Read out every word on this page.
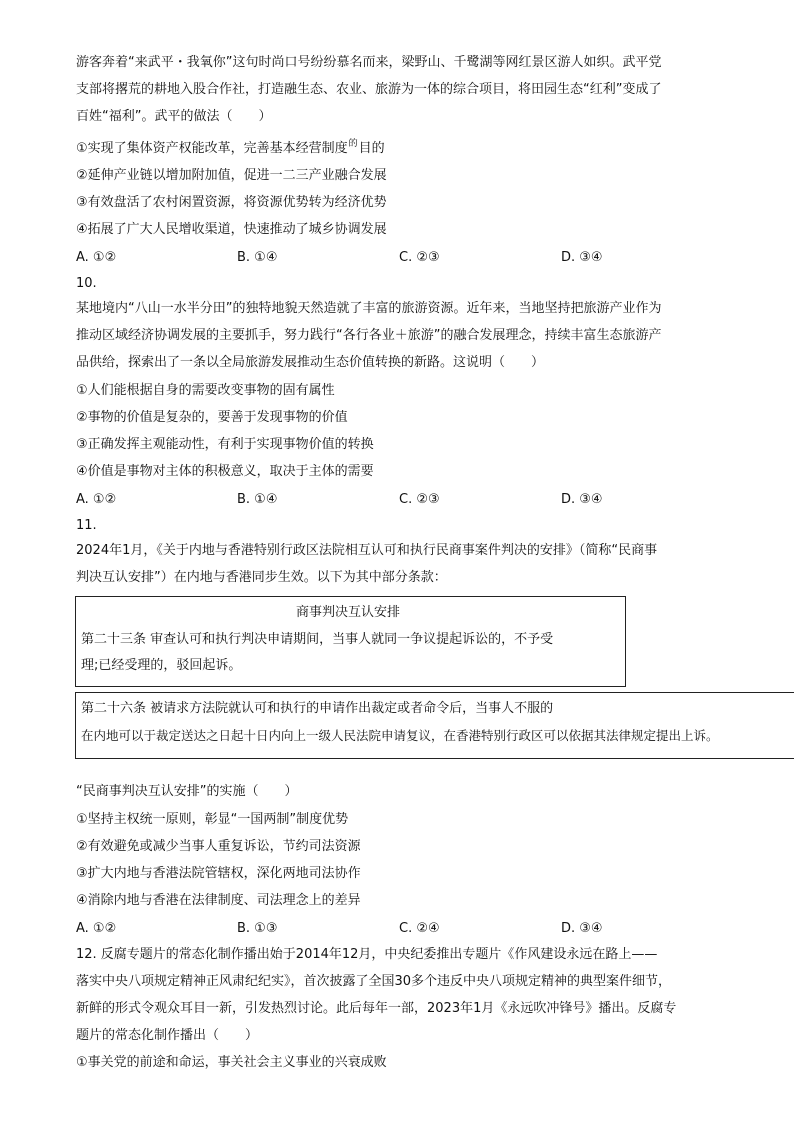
游客奔着“来武平・我氧你”这句时尚口号纷纷慕名而来，梁野山、千鹭湖等网红景区游人如织。武平党

支部将撂荒的耕地入股合作社，打造融生态、农业、旅游为一体的综合项目，将田园生态“红利”变成了

百姓“福利”。武平的做法（　　）

①实现了集体资产权能改革，完善基本经营制度$^的$目的

②延伸产业链以增加附加值，促进一二三产业融合发展

③有效盘活了农村闲置资源，将资源优势转为经济优势

④拓展了广大人民增收渠道，快速推动了城乡协调发展

A. ①②	B. ①④	C. ②③	D. ③④

10.

某地境内“八山一水半分田”的独特地貌天然造就了丰富的旅游资源。近年来，当地坚持把旅游产业作为

推动区域经济协调发展的主要抓手，努力践行“各行各业＋旅游”的融合发展理念，持续丰富生态旅游产

品供给，探索出了一条以全局旅游发展推动生态价值转换的新路。这说明（　　）

①人们能根据自身的需要改变事物的固有属性

②事物的价值是复杂的，要善于发现事物的价值

③正确发挥主观能动性，有利于实现事物价值的转换

④价值是事物对主体的积极意义，取决于主体的需要

A. ①②	B. ①④	C. ②③	D. ③④

11.

2024年1月，《关于内地与香港特别行政区法院相互认可和执行民商事案件判决的安排》（简称“民商事

判决互认安排”）在内地与香港同步生效。以下为其中部分条款：

商事判决互认安排

第二十三条 审查认可和执行判决申请期间，当事人就同一争议提起诉讼的，不予受

理;已经受理的，驳回起诉。

第二十六条 被请求方法院就认可和执行的申请作出裁定或者命令后，当事人不服的

在内地可以于裁定送达之日起十日内向上一级人民法院申请复议，在香港特别行政区可以依据其法律规定提出上诉。

“民商事判决互认安排”的实施（　　）

①坚持主权统一原则，彰显“一国两制”制度优势

②有效避免或减少当事人重复诉讼，节约司法资源

③扩大内地与香港法院管辖权，深化两地司法协作

④消除内地与香港在法律制度、司法理念上的差异

A. ①②	B. ①③	C. ②④	D. ③④

12. 反腐专题片的常态化制作播出始于2014年12月，中央纪委推出专题片《作风建设永远在路上——

落实中央八项规定精神正风肃纪纪实》，首次披露了全国30多个违反中央八项规定精神的典型案件细节，

新鲜的形式令观众耳目一新，引发热烈讨论。此后每年一部，2023年1月《永远吹冲锋号》播出。反腐专

题片的常态化制作播出（　　）

①事关党的前途和命运，事关社会主义事业的兴衰成败
